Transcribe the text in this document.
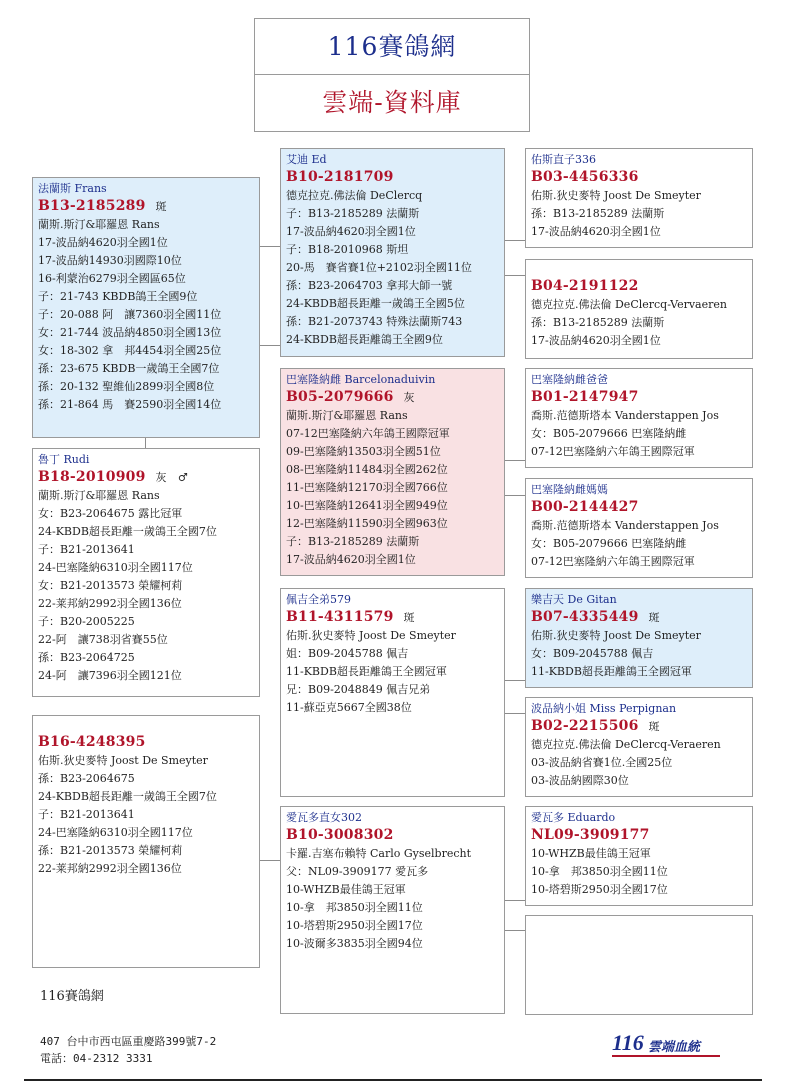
116賽鴿網
雲端-資料庫
法蘭斯 Frans
B13-2185289 斑
蘭斯.斯汀&耶羅恩 Rans
17-波品納4620羽全國1位
17-波品納14930羽國際10位
16-利蒙治6279羽全國區65位
子：21-743 KBDB鴿王全國9位
子：20-088 阿　讓7360羽全國11位
女：21-744 波品納4850羽全國13位
女：18-302 拿　邦4454羽全國25位
孫：23-675 KBDB一歲鴿王全國7位
孫：20-132 聖維仙2899羽全國8位
孫：21-864 馬　賽2590羽全國14位
魯丁 Rudi
B18-2010909 灰　♂
蘭斯.斯汀&耶羅恩 Rans
女：B23-2064675 露比冠軍
24-KBDB超長距離一歲鴿王全國7位
子：B21-2013641
24-巴塞隆納6310羽全國117位
女：B21-2013573 榮耀柯莉
22-莱邦納2992羽全國136位
子：B20-2005225
22-阿　讓738羽省賽55位
孫：B23-2064725
24-阿　讓7396羽全國121位
B16-4248395
佑斯.狄史麥特 Joost De Smeyter
孫：B23-2064675
24-KBDB超長距離一歲鴿王全國7位
子：B21-2013641
24-巴塞隆納6310羽全國117位
孫：B21-2013573 榮耀柯莉
22-莱邦納2992羽全國136位
艾迪 Ed
B10-2181709
德克拉克.佛法倫 DeClercq
子：B13-2185289 法蘭斯
17-波品納4620羽全國1位
子：B18-2010968 斯坦
20-馬　賽省賽1位+2102羽全國11位
孫：B23-2064703 拿邦大師一號
24-KBDB超長距離一歲鴿王全國5位
孫：B21-2073743 特殊法蘭斯743
24-KBDB超長距離鴿王全國9位
巴塞隆納雌 Barcelonaduivin
B05-2079666 灰
蘭斯.斯汀&耶羅恩 Rans
07-12巴塞隆納六年鴿王國際冠軍
09-巴塞隆納13503羽全國51位
08-巴塞隆納11484羽全國262位
11-巴塞隆納12170羽全國766位
10-巴塞隆納12641羽全國949位
12-巴塞隆納11590羽全國963位
子：B13-2185289 法蘭斯
17-波品納4620羽全國1位
佩吉全弟579
B11-4311579 斑
佑斯.狄史麥特 Joost De Smeyter
姐：B09-2045788 佩吉
11-KBDB超長距離鴿王全國冠軍
兄：B09-2048849 佩吉兄弟
11-蘇亞克5667全國38位
愛瓦多直女302
B10-3008302
卡羅.吉塞布賴特 Carlo Gyselbrecht
父：NL09-3909177 愛瓦多
10-WHZB最佳鴿王冠軍
10-拿　邦3850羽全國11位
10-塔碧斯2950羽全國17位
10-波爾多3835羽全國94位
佑斯直子336
B03-4456336
佑斯.狄史麥特 Joost De Smeyter
孫：B13-2185289 法蘭斯
17-波品納4620羽全國1位
B04-2191122
德克拉克.佛法倫 DeClercq-Vervaeren
孫：B13-2185289 法蘭斯
17-波品納4620羽全國1位
巴塞隆納雌爸爸
B01-2147947
喬斯.范德斯塔本 Vanderstappen Jos
女：B05-2079666 巴塞隆納雌
07-12巴塞隆納六年鴿王國際冠軍
巴塞隆納雌媽媽
B00-2144427
喬斯.范德斯塔本 Vanderstappen Jos
女：B05-2079666 巴塞隆納雌
07-12巴塞隆納六年鴿王國際冠軍
樂吉天 De Gitan
B07-4335449 斑
佑斯.狄史麥特 Joost De Smeyter
女：B09-2045788 佩吉
11-KBDB超長距離鴿王全國冠軍
波品納小姐 Miss Perpignan
B02-2215506 斑
德克拉克.佛法倫 DeClercq-Veraeren
03-波品納省賽1位.全國25位
03-波品納國際30位
愛瓦多 Eduardo
NL09-3909177
10-WHZB最佳鴿王冠軍
10-拿　邦3850羽全國11位
10-塔碧斯2950羽全國17位
116賽鴿網
407 台中市西屯區重慶路399號7-2
電話：04-2312 3331
116 雲端血統
